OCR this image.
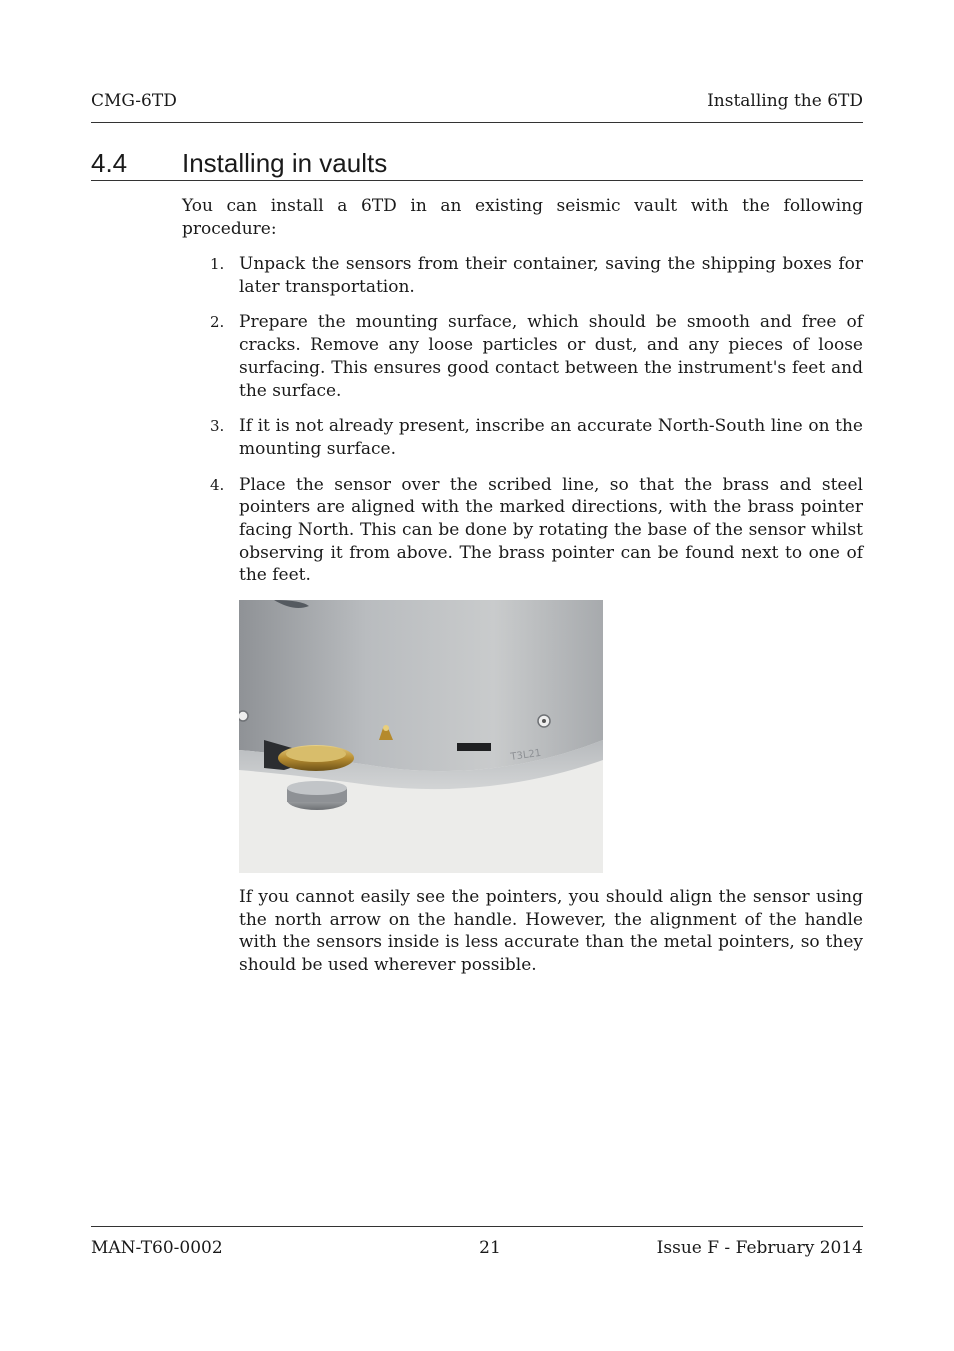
CMG-6TD	Installing the 6TD
4.4 Installing in vaults

You can install a 6TD in an existing seismic vault with the following procedure:

1. Unpack the sensors from their container, saving the shipping boxes for later transportation.
2. Prepare the mounting surface, which should be smooth and free of cracks. Remove any loose particles or dust, and any pieces of loose surfacing. This ensures good contact between the instrument's feet and the surface.
3. If it is not already present, inscribe an accurate North-South line on the mounting surface.
4. Place the sensor over the scribed line, so that the brass and steel pointers are aligned with the marked directions, with the brass pointer facing North. This can be done by rotating the base of the sensor whilst observing it from above. The brass pointer can be found next to one of the feet.
T3L21

If you cannot easily see the pointers, you should align the sensor using the north arrow on the handle. However, the alignment of the handle with the sensors inside is less accurate than the metal pointers, so they should be used wherever possible.

MAN-T60-0002	21	Issue F - February 2014
